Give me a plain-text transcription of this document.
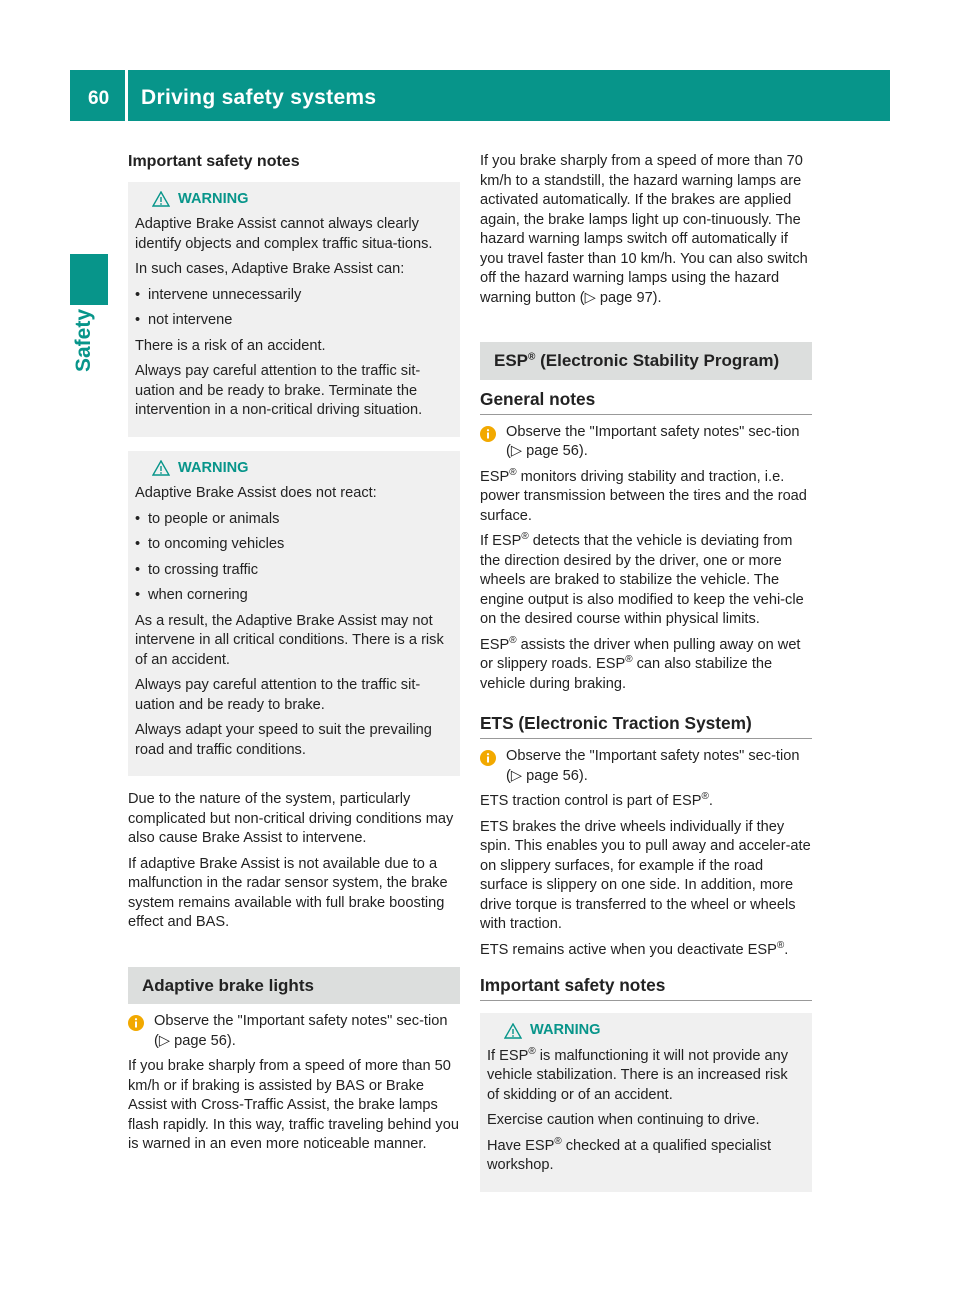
60 Driving safety systems
Safety
Important safety notes
WARNING

Adaptive Brake Assist cannot always clearly identify objects and complex traffic situa-tions.

In such cases, Adaptive Brake Assist can:

• intervene unnecessarily
• not intervene

There is a risk of an accident.

Always pay careful attention to the traffic sit-uation and be ready to brake. Terminate the intervention in a non-critical driving situation.

WARNING

Adaptive Brake Assist does not react:

• to people or animals
• to oncoming vehicles
• to crossing traffic
• when cornering

As a result, the Adaptive Brake Assist may not intervene in all critical conditions. There is a risk of an accident.

Always pay careful attention to the traffic sit-uation and be ready to brake.

Always adapt your speed to suit the prevailing road and traffic conditions.

Due to the nature of the system, particularly complicated but non-critical driving conditions may also cause Brake Assist to intervene.

If adaptive Brake Assist is not available due to a malfunction in the radar sensor system, the brake system remains available with full brake boosting effect and BAS.

Adaptive brake lights
Observe the "Important safety notes" sec-tion (▷ page 56).

If you brake sharply from a speed of more than 50 km/h or if braking is assisted by BAS or Brake Assist with Cross-Traffic Assist, the brake lamps flash rapidly. In this way, traffic traveling behind you is warned in an even more noticeable manner.

If you brake sharply from a speed of more than 70 km/h to a standstill, the hazard warning lamps are activated automatically. If the brakes are applied again, the brake lamps light up con-tinuously. The hazard warning lamps switch off automatically if you travel faster than 10 km/h. You can also switch off the hazard warning lamps using the hazard warning button (▷ page 97).

ESP® (Electronic Stability Program)
General notes
Observe the "Important safety notes" sec-tion (▷ page 56).

ESP® monitors driving stability and traction, i.e. power transmission between the tires and the road surface.

If ESP® detects that the vehicle is deviating from the direction desired by the driver, one or more wheels are braked to stabilize the vehicle. The engine output is also modified to keep the vehi-cle on the desired course within physical limits.

ESP® assists the driver when pulling away on wet or slippery roads. ESP® can also stabilize the vehicle during braking.

ETS (Electronic Traction System)
Observe the "Important safety notes" sec-tion (▷ page 56).

ETS traction control is part of ESP®.

ETS brakes the drive wheels individually if they spin. This enables you to pull away and acceler-ate on slippery surfaces, for example if the road surface is slippery on one side. In addition, more drive torque is transferred to the wheel or wheels with traction.

ETS remains active when you deactivate ESP®.

Important safety notes
WARNING

If ESP® is malfunctioning it will not provide any vehicle stabilization. There is an increased risk of skidding or of an accident.

Exercise caution when continuing to drive.

Have ESP® checked at a qualified specialist workshop.
